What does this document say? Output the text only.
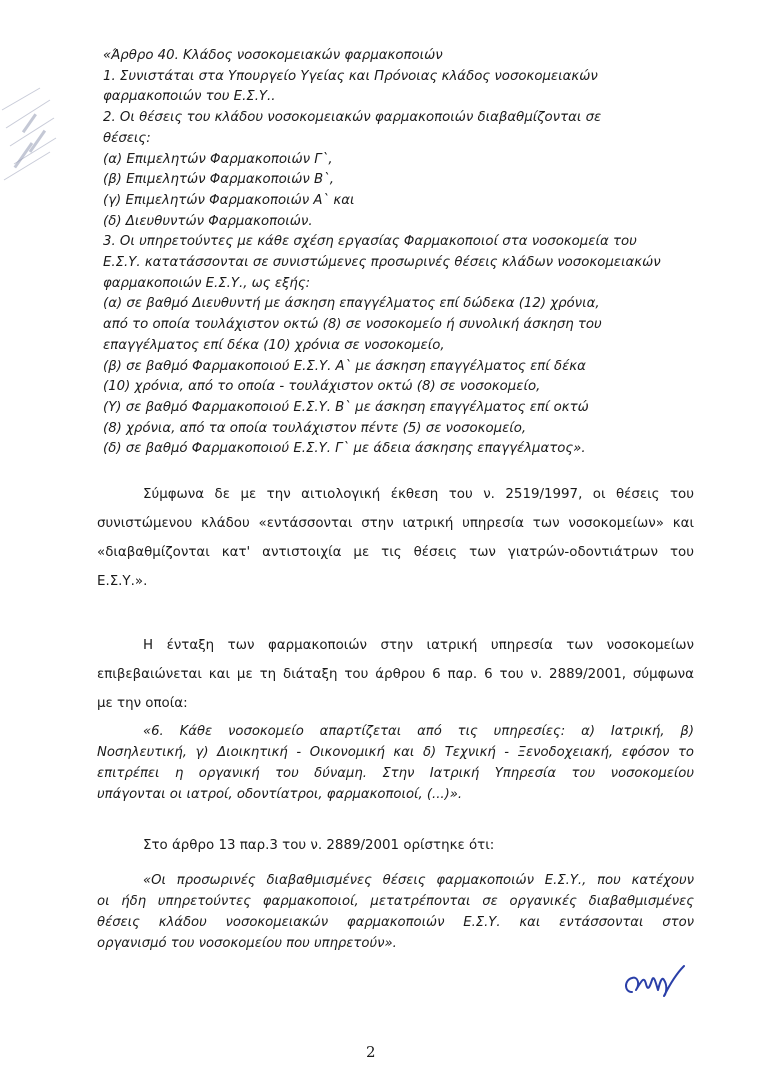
«Άρθρο 40. Κλάδος νοσοκομειακών φαρμακοποιών
1. Συνιστάται στα Υπουργείο Υγείας και Πρόνοιας κλάδος νοσοκομειακών
φαρμακοποιών του Ε.Σ.Υ..
2. Οι θέσεις του κλάδου νοσοκομειακών φαρμακοποιών διαβαθμίζονται σε
θέσεις:
(α) Επιμελητών Φαρμακοποιών Γ`,
(β) Επιμελητών Φαρμακοποιών Β`,
(γ) Επιμελητών Φαρμακοποιών Α` και
(δ) Διευθυντών Φαρμακοποιών.
3. Οι υπηρετούντες με κάθε σχέση εργασίας Φαρμακοποιοί στα νοσοκομεία του
Ε.Σ.Υ. κατατάσσονται σε συνιστώμενες προσωρινές θέσεις κλάδων νοσοκομειακών
φαρμακοποιών Ε.Σ.Υ., ως εξής:
(α) σε βαθμό Διευθυντή με άσκηση επαγγέλματος επί δώδεκα (12) χρόνια,
από το οποία τουλάχιστον οκτώ (8) σε νοσοκομείο ή συνολική άσκηση του
επαγγέλματος επί δέκα (10) χρόνια σε νοσοκομείο,
(β) σε βαθμό Φαρμακοποιού Ε.Σ.Υ. Α` με άσκηση επαγγέλματος επί δέκα
(10) χρόνια, από το οποία - τουλάχιστον οκτώ (8) σε νοσοκομείο,
(Υ) σε βαθμό Φαρμακοποιού Ε.Σ.Υ. Β` με άσκηση επαγγέλματος επί οκτώ
(8) χρόνια, από τα οποία τουλάχιστον πέντε (5) σε νοσοκομείο,
(δ) σε βαθμό Φαρμακοποιού Ε.Σ.Υ. Γ` με άδεια άσκησης επαγγέλματος».
Σύμφωνα δε με την αιτιολογική έκθεση του ν. 2519/1997, οι θέσεις του
συνιστώμενου κλάδου «εντάσσονται στην ιατρική υπηρεσία των νοσοκομείων» και
«διαβαθμίζονται κατ' αντιστοιχία με τις θέσεις των γιατρών-οδοντιάτρων του
Ε.Σ.Υ.».
Η ένταξη των φαρμακοποιών στην ιατρική υπηρεσία των νοσοκομείων
επιβεβαιώνεται και με τη διάταξη του άρθρου 6 παρ. 6 του ν. 2889/2001, σύμφωνα
με την οποία:
«6. Κάθε νοσοκομείο απαρτίζεται από τις υπηρεσίες: α) Ιατρική, β)
Νοσηλευτική, γ) Διοικητική - Οικονομική και δ) Τεχνική - Ξενοδοχειακή, εφόσον το
επιτρέπει η οργανική του δύναμη. Στην Ιατρική Υπηρεσία του νοσοκομείου
υπάγονται οι ιατροί, οδοντίατροι, φαρμακοποιοί, (...)».
Στο άρθρο 13 παρ.3 του ν. 2889/2001 ορίστηκε ότι:
«Οι προσωρινές διαβαθμισμένες θέσεις φαρμακοποιών Ε.Σ.Υ., που κατέχουν
οι ήδη υπηρετούντες φαρμακοποιοί, μετατρέπονται σε οργανικές διαβαθμισμένες
θέσεις κλάδου νοσοκομειακών φαρμακοποιών Ε.Σ.Υ. και εντάσσονται στον
οργανισμό του νοσοκομείου που υπηρετούν».
2
